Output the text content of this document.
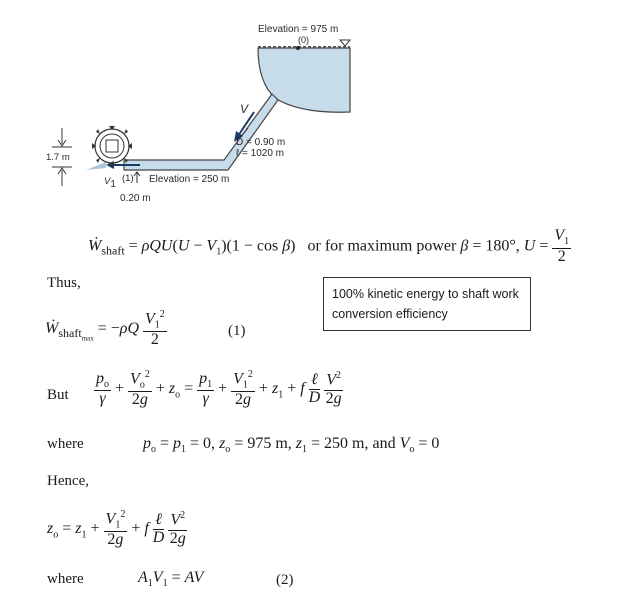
Elevation = 975 m
(0)
V
D = 0.90 m
ℓ = 1020 m
1.7 m
$V_1$
(1) Elevation = 250 m
0.20 m
Ẇ$_{shaft}$ = $\rho QU(U - V_1)(1 - \cos \beta)$   or for maximum power β = 180°, $U = \frac{V_1}{2}$
Thus,
100% kinetic energy to shaft work conversion efficiency
Ẇ$_{shaft_{max}}$ = $-\rho Q \frac{V_1^2}{2}$	(1)
But $\frac{p_o}{\gamma} + \frac{V_o^2}{2g} + z_o = \frac{p_1}{\gamma} + \frac{V_1^2}{2g} + z_1 + f \frac{\text{ℓ}}{D}$
$\frac{V^2}{2g}$
where	$p_o = p_1 = 0$, $z_o = 975$ m, $z_1 = 250$ m, and $V_o = 0$
Hence,
$z_o = z_1 + \frac{V_1^2}{2g} + f \frac{\text{ℓ}}{D}$
$\frac{V^2}{2g}$
where	$A_1V_1$ = AV	(2)
